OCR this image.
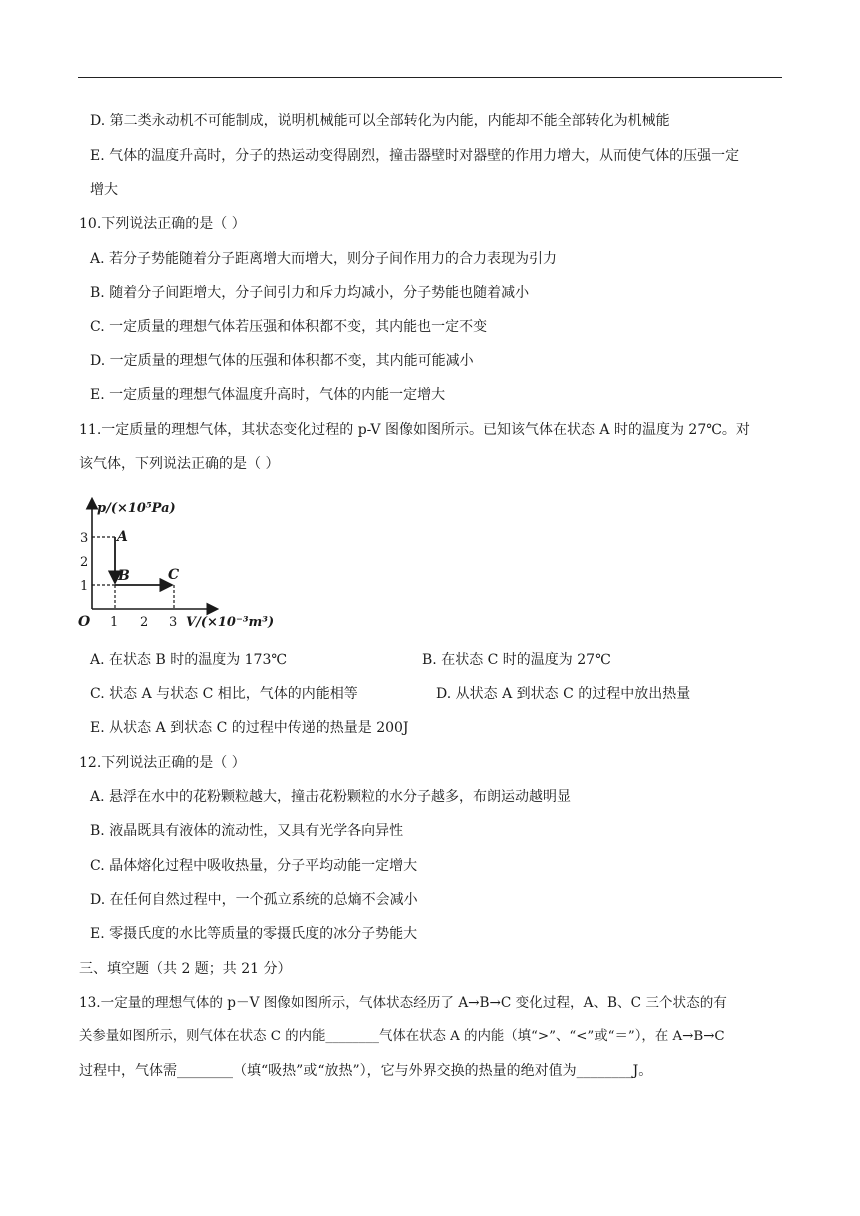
D. 第二类永动机不可能制成，说明机械能可以全部转化为内能，内能却不能全部转化为机械能
E. 气体的温度升高时，分子的热运动变得剧烈，撞击器壁时对器壁的作用力增大，从而使气体的压强一定
增大
10.下列说法正确的是（ ）
A. 若分子势能随着分子距离增大而增大，则分子间作用力的合力表现为引力
B. 随着分子间距增大，分子间引力和斥力均减小，分子势能也随着减小
C. 一定质量的理想气体若压强和体积都不变，其内能也一定不变
D. 一定质量的理想气体的压强和体积都不变，其内能可能减小
E. 一定质量的理想气体温度升高时，气体的内能一定增大
11.一定质量的理想气体，其状态变化过程的 p-V 图像如图所示。已知该气体在状态 A 时的温度为 27℃。对
该气体，下列说法正确的是（ ）
p/(×10⁵Pa)
V/(×10⁻³m³)
O
1
2
3
1 2 3
A
B	C
A. 在状态 B 时的温度为 173℃	B. 在状态 C 时的温度为 27℃
C. 状态 A 与状态 C 相比，气体的内能相等	D. 从状态 A 到状态 C 的过程中放出热量
E. 从状态 A 到状态 C 的过程中传递的热量是 200J
12.下列说法正确的是（ ）
A. 悬浮在水中的花粉颗粒越大，撞击花粉颗粒的水分子越多，布朗运动越明显
B. 液晶既具有液体的流动性，又具有光学各向异性
C. 晶体熔化过程中吸收热量，分子平均动能一定增大
D. 在任何自然过程中，一个孤立系统的总熵不会减小
E. 零摄氏度的水比等质量的零摄氏度的冰分子势能大
三、填空题（共 2 题；共 21 分）
13.一定量的理想气体的 p－V 图像如图所示，气体状态经历了 A→B→C 变化过程，A、B、C 三个状态的有
关参量如图所示，则气体在状态 C 的内能________气体在状态 A 的内能（填“>”、“<”或“＝”），在 A→B→C
过程中，气体需________（填“吸热”或“放热”），它与外界交换的热量的绝对值为________J。
